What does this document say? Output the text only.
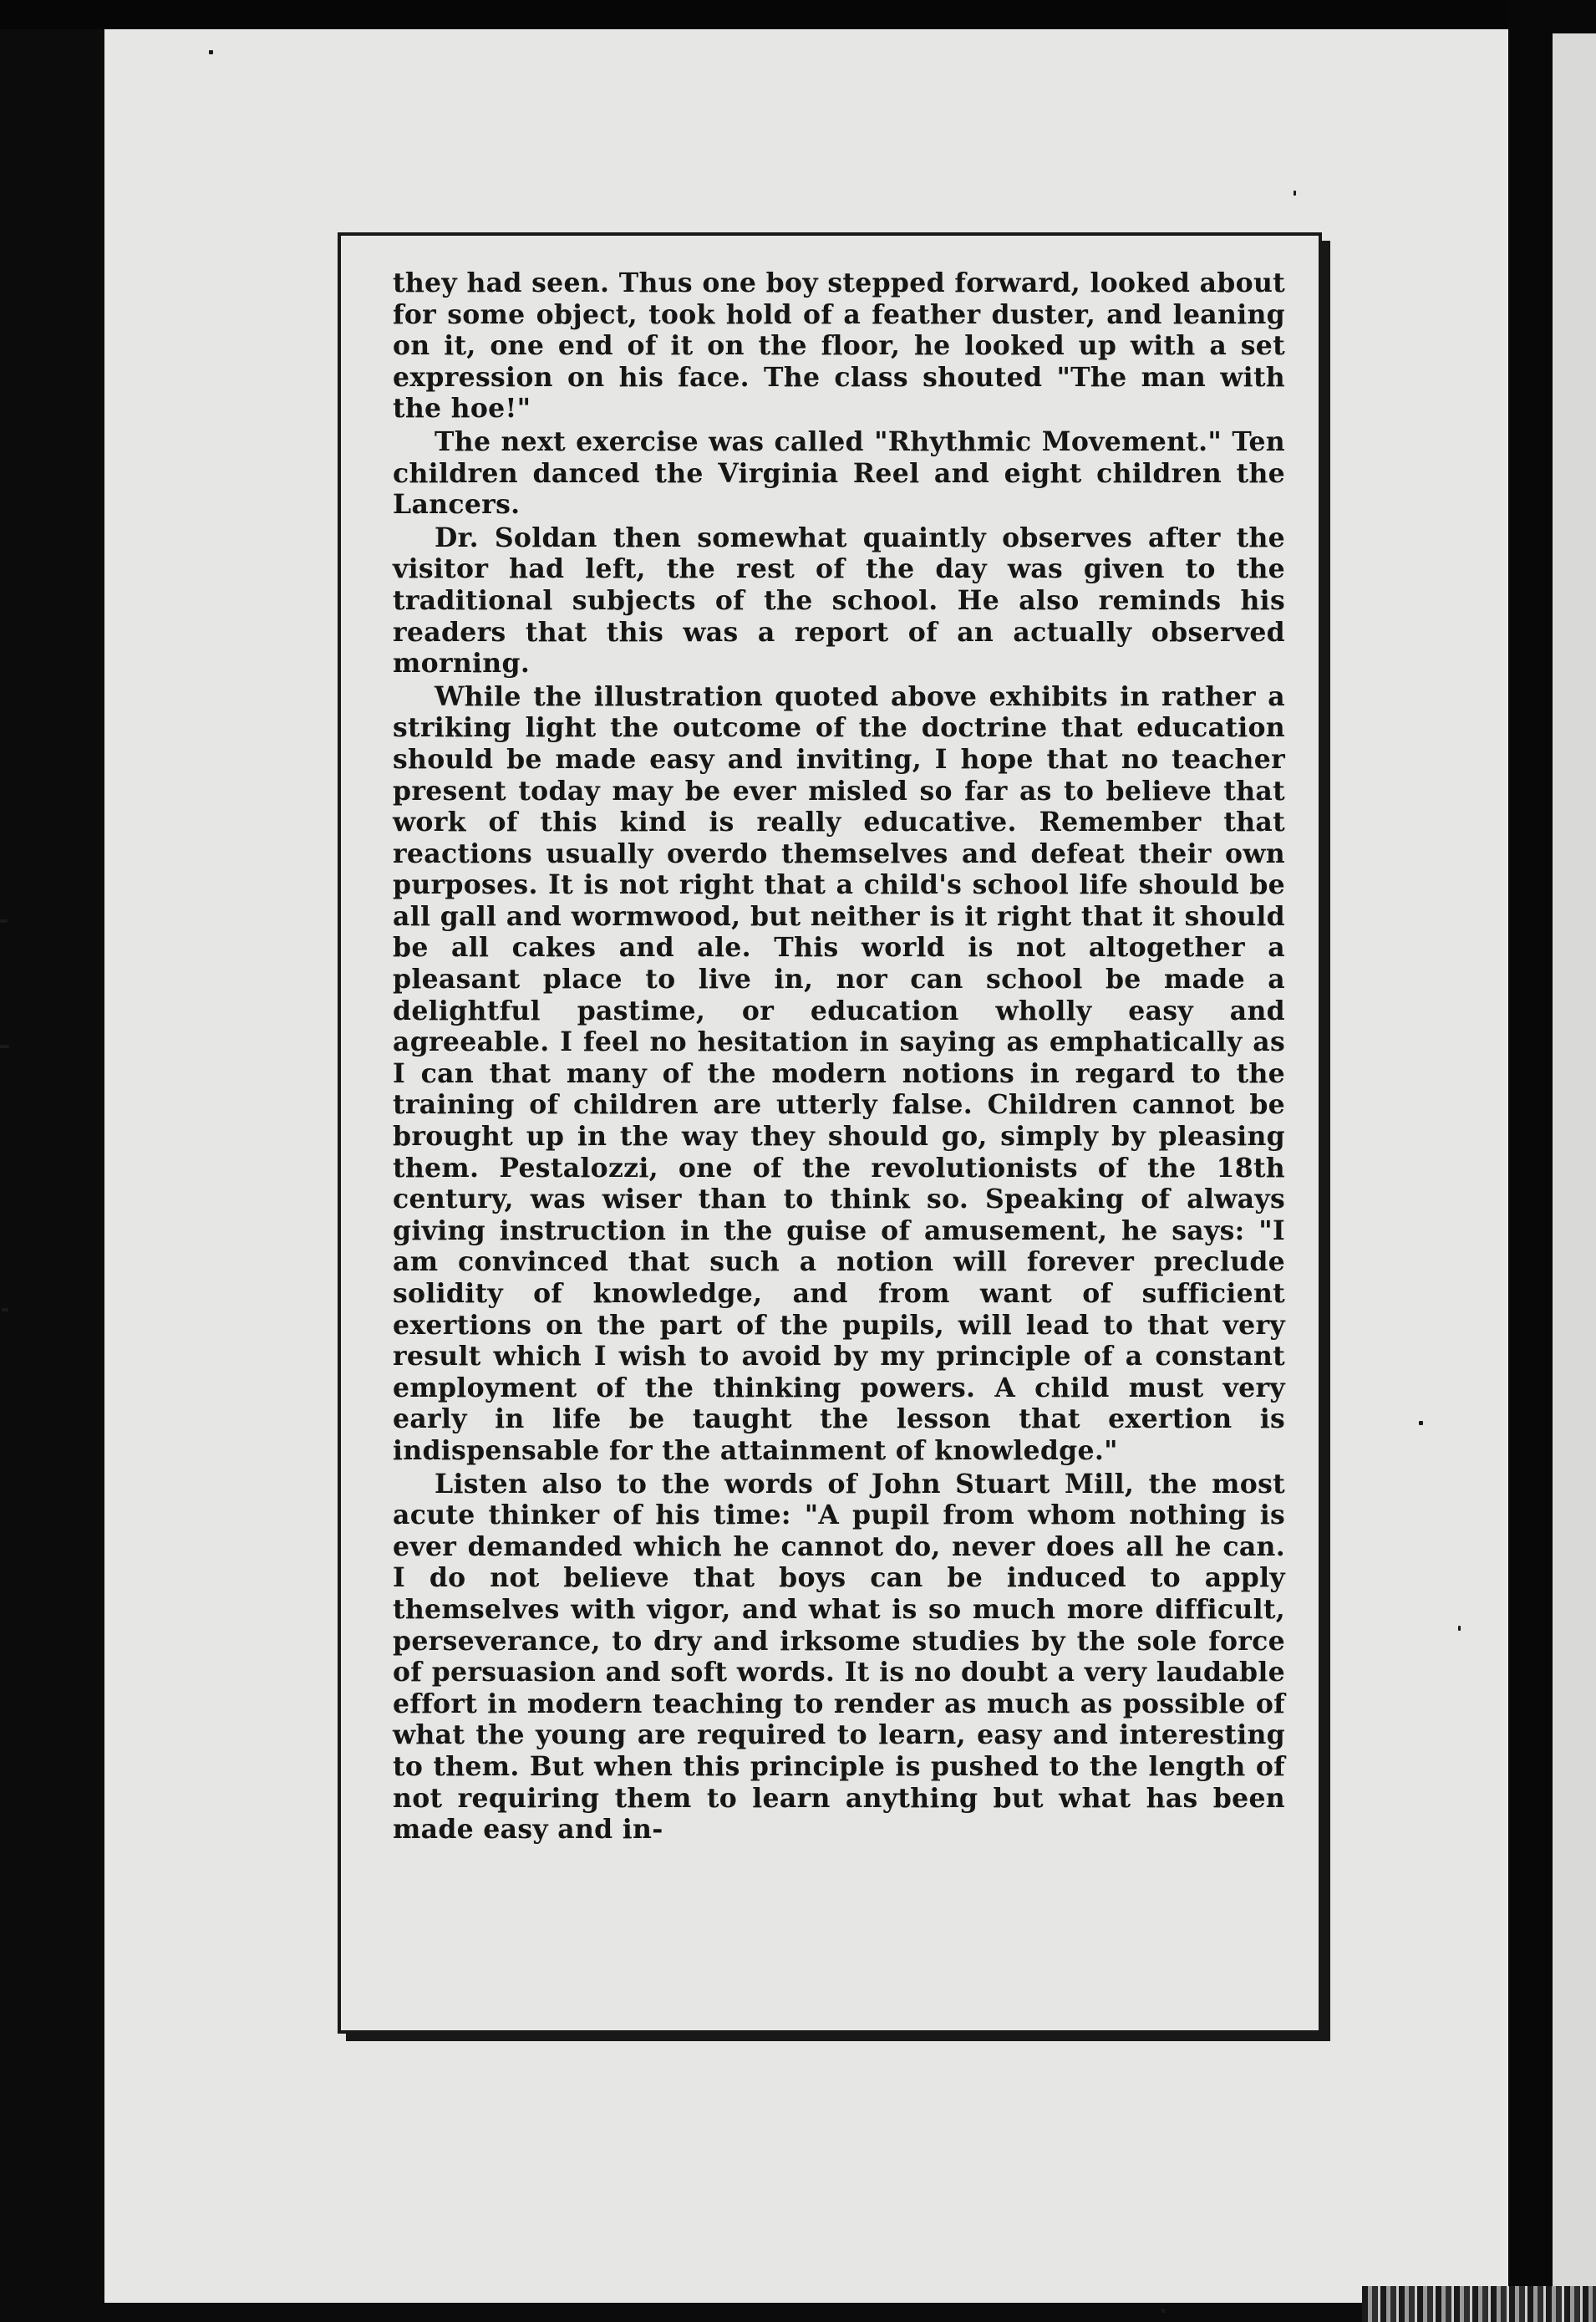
they had seen. Thus one boy stepped forward, looked about for some object, took hold of a feather duster, and leaning on it, one end of it on the floor, he looked up with a set expression on his face. The class shouted "The man with the hoe!"

The next exercise was called "Rhythmic Movement." Ten children danced the Virginia Reel and eight children the Lancers.

Dr. Soldan then somewhat quaintly observes after the visitor had left, the rest of the day was given to the traditional subjects of the school. He also reminds his readers that this was a report of an actually observed morning.

While the illustration quoted above exhibits in rather a striking light the outcome of the doctrine that education should be made easy and inviting, I hope that no teacher present today may be ever misled so far as to believe that work of this kind is really educative. Remember that reactions usually overdo themselves and defeat their own purposes. It is not right that a child's school life should be all gall and wormwood, but neither is it right that it should be all cakes and ale. This world is not altogether a pleasant place to live in, nor can school be made a delightful pastime, or education wholly easy and agreeable. I feel no hesitation in saying as emphatically as I can that many of the modern notions in regard to the training of children are utterly false. Children cannot be brought up in the way they should go, simply by pleasing them. Pestalozzi, one of the revolutionists of the 18th century, was wiser than to think so. Speaking of always giving instruction in the guise of amusement, he says: "I am convinced that such a notion will forever preclude solidity of knowledge, and from want of sufficient exertions on the part of the pupils, will lead to that very result which I wish to avoid by my principle of a constant employment of the thinking powers. A child must very early in life be taught the lesson that exertion is indispensable for the attainment of knowledge."

Listen also to the words of John Stuart Mill, the most acute thinker of his time: "A pupil from whom nothing is ever demanded which he cannot do, never does all he can. I do not believe that boys can be induced to apply themselves with vigor, and what is so much more difficult, perseverance, to dry and irksome studies by the sole force of persuasion and soft words. It is no doubt a very laudable effort in modern teaching to render as much as possible of what the young are required to learn, easy and interesting to them. But when this principle is pushed to the length of not requiring them to learn anything but what has been made easy and in-
